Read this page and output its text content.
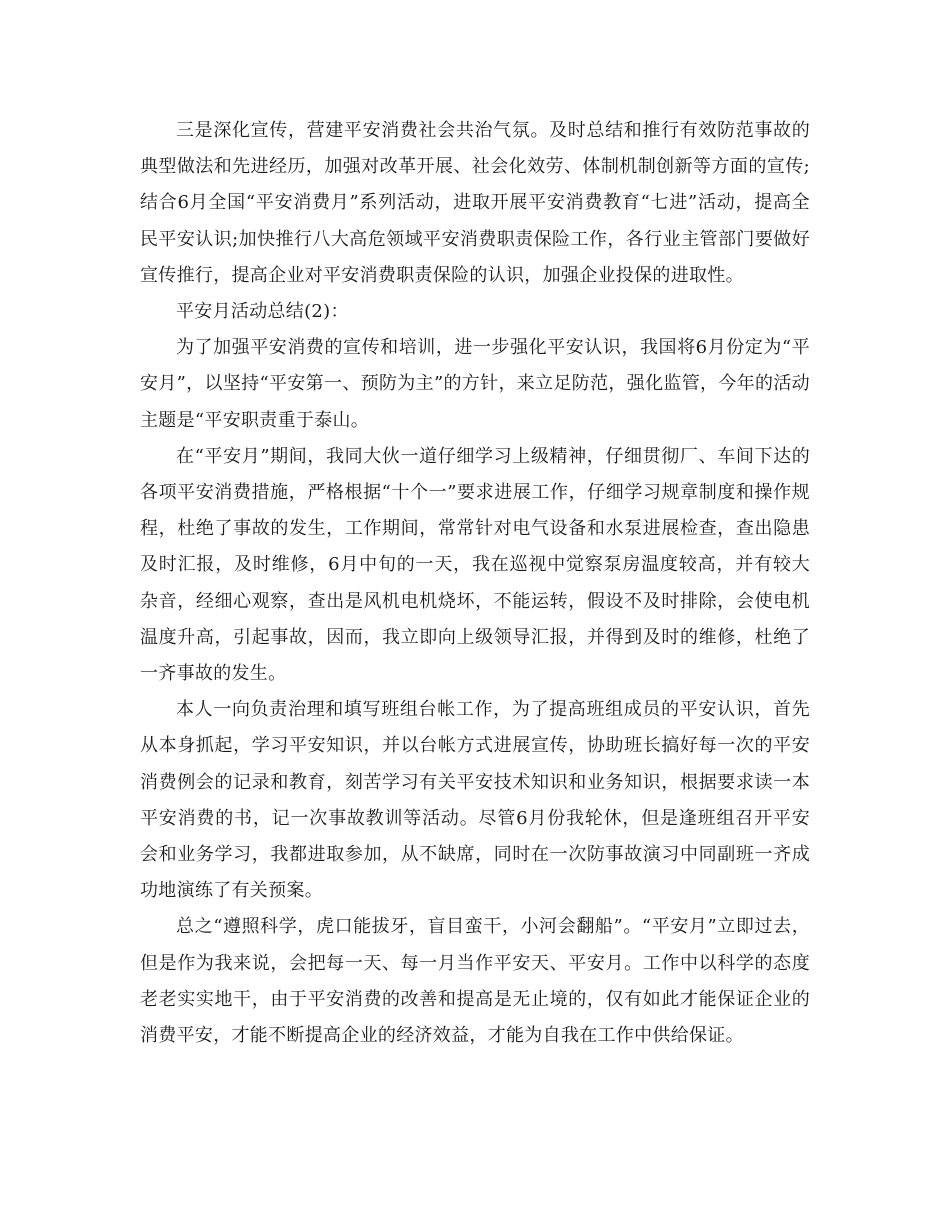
三是深化宣传，营建平安消费社会共治气氛。及时总结和推行有效防范事故的典型做法和先进经历，加强对改革开展、社会化效劳、体制机制创新等方面的宣传;结合6月全国“平安消费月”系列活动，进取开展平安消费教育“七进”活动，提高全民平安认识;加快推行八大高危领域平安消费职责保险工作，各行业主管部门要做好宣传推行，提高企业对平安消费职责保险的认识，加强企业投保的进取性。

平安月活动总结(2)：

为了加强平安消费的宣传和培训，进一步强化平安认识，我国将6月份定为“平安月”，以坚持“平安第一、预防为主”的方针，来立足防范，强化监管，今年的活动主题是“平安职责重于泰山。

在“平安月”期间，我同大伙一道仔细学习上级精神，仔细贯彻厂、车间下达的各项平安消费措施，严格根据“十个一”要求进展工作，仔细学习规章制度和操作规程，杜绝了事故的发生，工作期间，常常针对电气设备和水泵进展检查，查出隐患及时汇报，及时维修，6月中旬的一天，我在巡视中觉察泵房温度较高，并有较大杂音，经细心观察，查出是风机电机烧坏，不能运转，假设不及时排除，会使电机温度升高，引起事故，因而，我立即向上级领导汇报，并得到及时的维修，杜绝了一齐事故的发生。

本人一向负责治理和填写班组台帐工作，为了提高班组成员的平安认识，首先从本身抓起，学习平安知识，并以台帐方式进展宣传，协助班长搞好每一次的平安消费例会的记录和教育，刻苦学习有关平安技术知识和业务知识，根据要求读一本平安消费的书，记一次事故教训等活动。尽管6月份我轮休，但是逢班组召开平安会和业务学习，我都进取参加，从不缺席，同时在一次防事故演习中同副班一齐成功地演练了有关预案。

总之“遵照科学，虎口能拔牙，盲目蛮干，小河会翻船”。“平安月”立即过去，但是作为我来说，会把每一天、每一月当作平安天、平安月。工作中以科学的态度老老实实地干，由于平安消费的改善和提高是无止境的，仅有如此才能保证企业的消费平安，才能不断提高企业的经济效益，才能为自我在工作中供给保证。
